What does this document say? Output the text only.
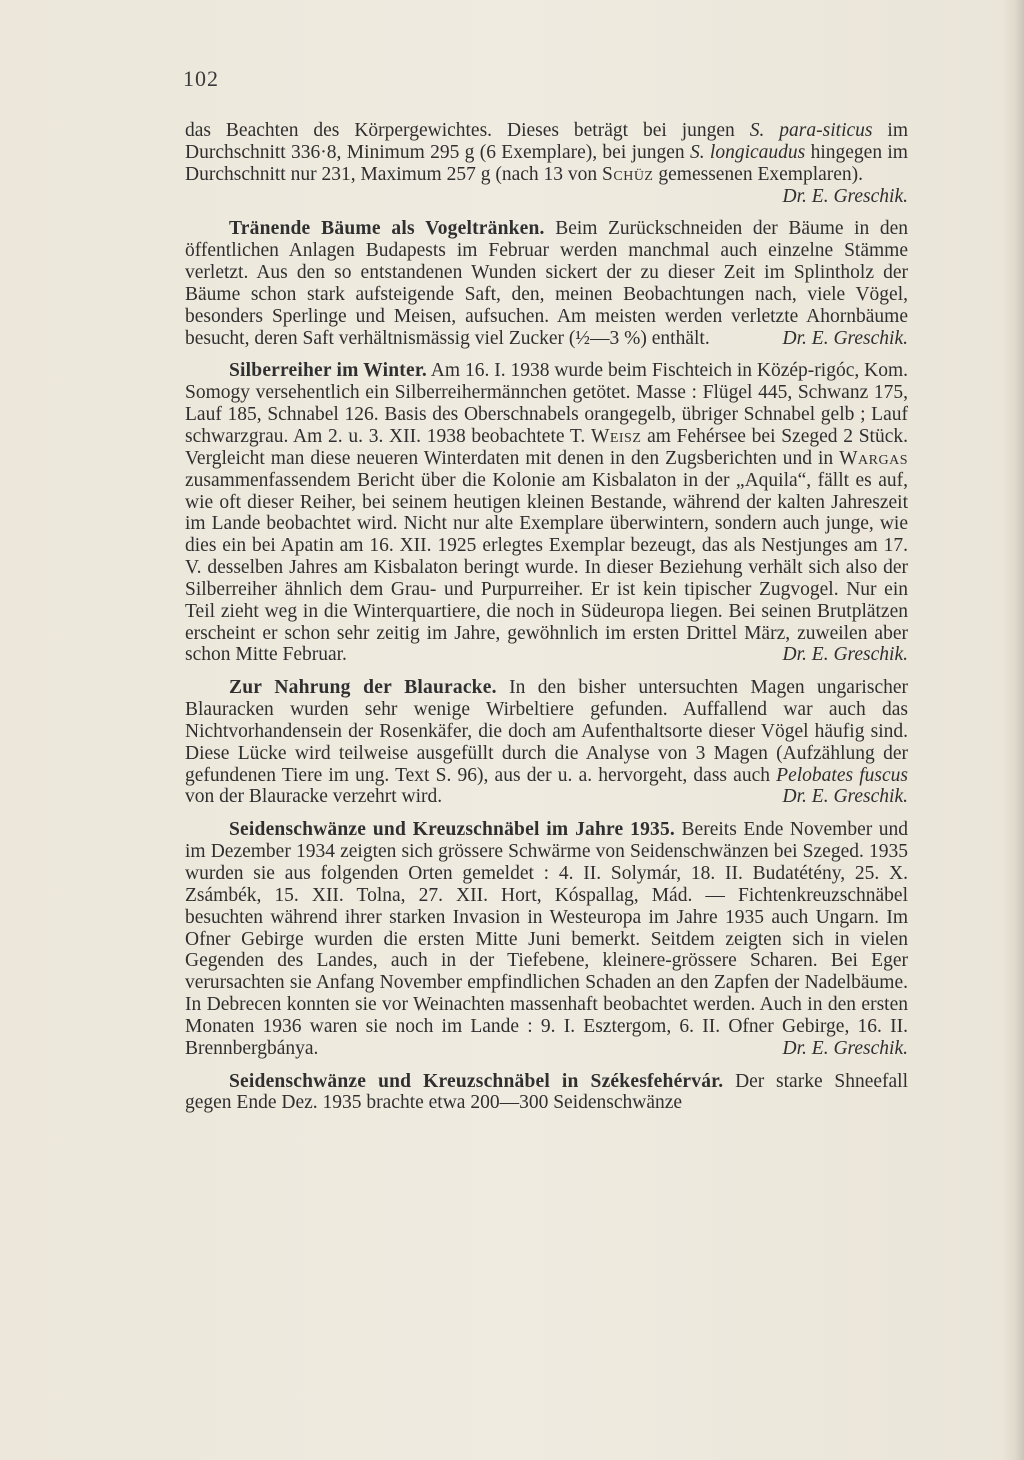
102

das Beachten des Körpergewichtes. Dieses beträgt bei jungen S. para-siticus im Durchschnitt 336·8, Minimum 295 g (6 Exemplare), bei jungen S. longicaudus hingegen im Durchschnitt nur 231, Maximum 257 g (nach 13 von Schüz gemessenen Exemplaren).
Dr. E. Greschik.

Tränende Bäume als Vogeltränken. Beim Zurückschneiden der Bäume in den öffentlichen Anlagen Budapests im Februar werden manchmal auch einzelne Stämme verletzt. Aus den so entstandenen Wunden sickert der zu dieser Zeit im Splintholz der Bäume schon stark aufsteigende Saft, den, meinen Beobachtungen nach, viele Vögel, besonders Sperlinge und Meisen, aufsuchen. Am meisten werden verletzte Ahornbäume besucht, deren Saft verhältnismässig viel Zucker (½—3 %) enthält.	Dr. E. Greschik.

Silberreiher im Winter. Am 16. I. 1938 wurde beim Fischteich in Közép-rigóc, Kom. Somogy versehentlich ein Silberreihermännchen getötet. Masse : Flügel 445, Schwanz 175, Lauf 185, Schnabel 126. Basis des Oberschnabels orangegelb, übriger Schnabel gelb ; Lauf schwarzgrau. Am 2. u. 3. XII. 1938 beobachtete T. Weisz am Fehérsee bei Szeged 2 Stück. Vergleicht man diese neueren Winterdaten mit denen in den Zugsberichten und in Wargas zusammenfassendem Bericht über die Kolonie am Kisbalaton in der „Aquila“, fällt es auf, wie oft dieser Reiher, bei seinem heutigen kleinen Bestande, während der kalten Jahreszeit im Lande beobachtet wird. Nicht nur alte Exemplare überwintern, sondern auch junge, wie dies ein bei Apatin am 16. XII. 1925 erlegtes Exemplar bezeugt, das als Nestjunges am 17. V. desselben Jahres am Kisbalaton beringt wurde. In dieser Beziehung verhält sich also der Silberreiher ähnlich dem Grau- und Purpurreiher. Er ist kein tipischer Zugvogel. Nur ein Teil zieht weg in die Winterquartiere, die noch in Südeuropa liegen. Bei seinen Brutplätzen erscheint er schon sehr zeitig im Jahre, gewöhnlich im ersten Drittel März, zuweilen aber schon Mitte Februar.	Dr. E. Greschik.

Zur Nahrung der Blauracke. In den bisher untersuchten Magen ungarischer Blauracken wurden sehr wenige Wirbeltiere gefunden. Auffallend war auch das Nichtvorhandensein der Rosenkäfer, die doch am Aufenthaltsorte dieser Vögel häufig sind. Diese Lücke wird teilweise ausgefüllt durch die Analyse von 3 Magen (Aufzählung der gefundenen Tiere im ung. Text S. 96), aus der u. a. hervorgeht, dass auch Pelobates fuscus von der Blauracke verzehrt wird.	Dr. E. Greschik.

Seidenschwänze und Kreuzschnäbel im Jahre 1935. Bereits Ende November und im Dezember 1934 zeigten sich grössere Schwärme von Seidenschwänzen bei Szeged. 1935 wurden sie aus folgenden Orten gemeldet : 4. II. Solymár, 18. II. Budatétény, 25. X. Zsámbék, 15. XII. Tolna, 27. XII. Hort, Kóspallag, Mád. — Fichtenkreuzschnäbel besuchten während ihrer starken Invasion in Westeuropa im Jahre 1935 auch Ungarn. Im Ofner Gebirge wurden die ersten Mitte Juni bemerkt. Seitdem zeigten sich in vielen Gegenden des Landes, auch in der Tiefebene, kleinere-grössere Scharen. Bei Eger verursachten sie Anfang November empfindlichen Schaden an den Zapfen der Nadelbäume. In Debrecen konnten sie vor Weinachten massenhaft beobachtet werden. Auch in den ersten Monaten 1936 waren sie noch im Lande : 9. I. Esztergom, 6. II. Ofner Gebirge, 16. II. Brennbergbánya.	Dr. E. Greschik.

Seidenschwänze und Kreuzschnäbel in Székesfehérvár. Der starke Shneefall gegen Ende Dez. 1935 brachte etwa 200—300 Seidenschwänze
